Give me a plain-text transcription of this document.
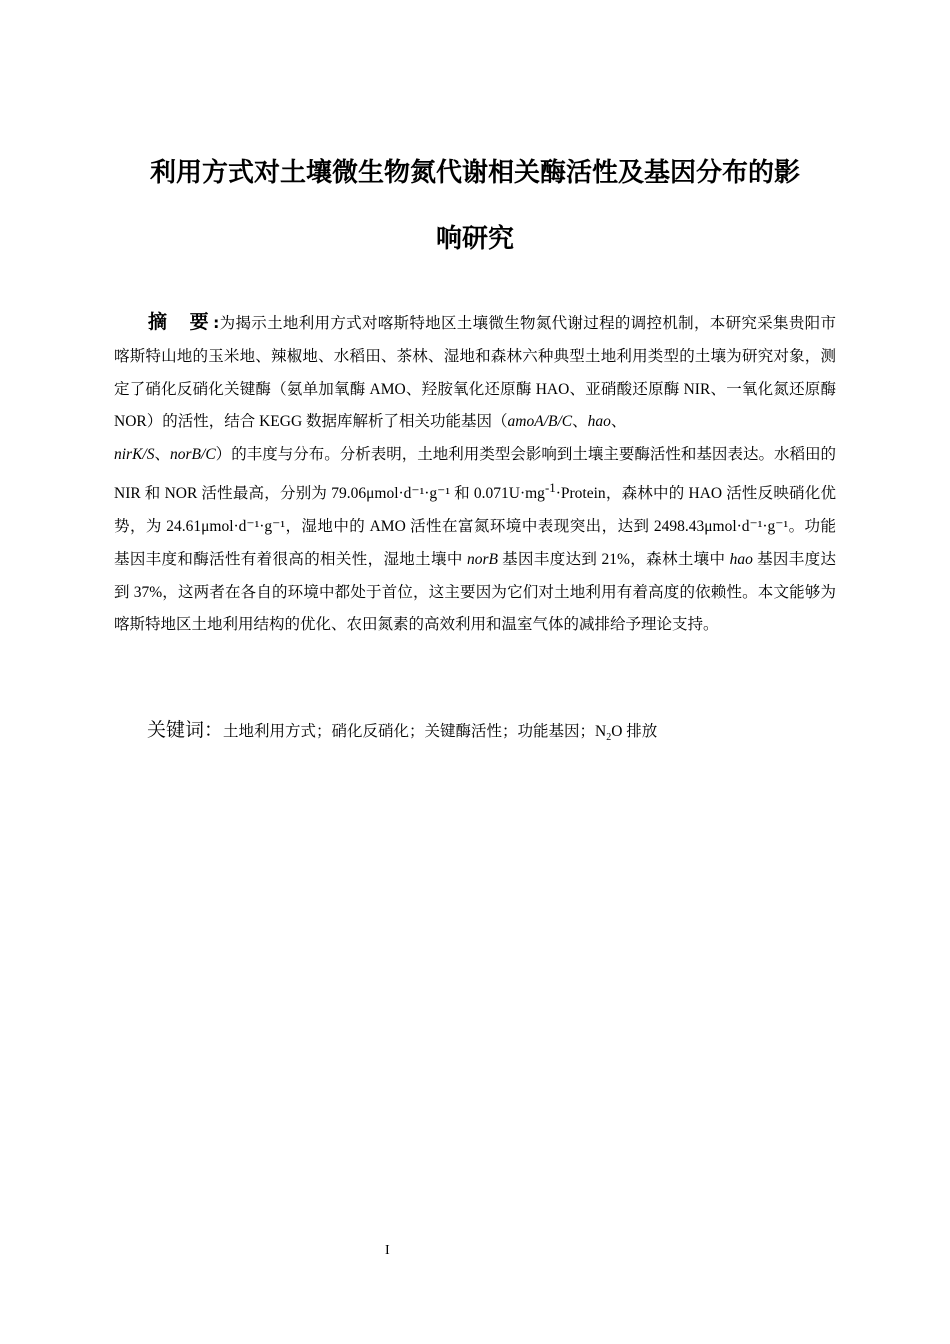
利用方式对土壤微生物氮代谢相关酶活性及基因分布的影
响研究

摘 要 :为揭示土地利用方式对喀斯特地区土壤微生物氮代谢过程的调控机制，本研究采集贵阳市喀斯特山地的玉米地、辣椒地、水稻田、茶林、湿地和森林六种典型土地利用类型的土壤为研究对象，测定了硝化反硝化关键酶（氨单加氧酶 AMO、羟胺氧化还原酶 HAO、亚硝酸还原酶 NIR、一氧化氮还原酶 NOR）的活性，结合 KEGG 数据库解析了相关功能基因（amoA/B/C、hao、
nirK/S、norB/C）的丰度与分布。分析表明，土地利用类型会影响到土壤主要酶活性和基因表达。水稻田的 NIR 和 NOR 活性最高，分别为 79.06μmol·d⁻¹·g⁻¹ 和 $0.071U\cdot mg^{-1}\cdot Protein$，森林中的 HAO 活性反映硝化优势，为 24.61μmol·d⁻¹·g⁻¹，湿地中的 AMO 活性在富氮环境中表现突出，达到 2498.43μmol·d⁻¹·g⁻¹。功能基因丰度和酶活性有着很高的相关性，湿地土壤中 norB 基因丰度达到 21%，森林土壤中 hao 基因丰度达到 37%，这两者在各自的环境中都处于首位，这主要因为它们对土地利用有着高度的依赖性。本文能够为喀斯特地区土地利用结构的优化、农田氮素的高效利用和温室气体的减排给予理论支持。

关键词：土地利用方式；硝化反硝化；关键酶活性；功能基因；$N_2O$ 排放

I
